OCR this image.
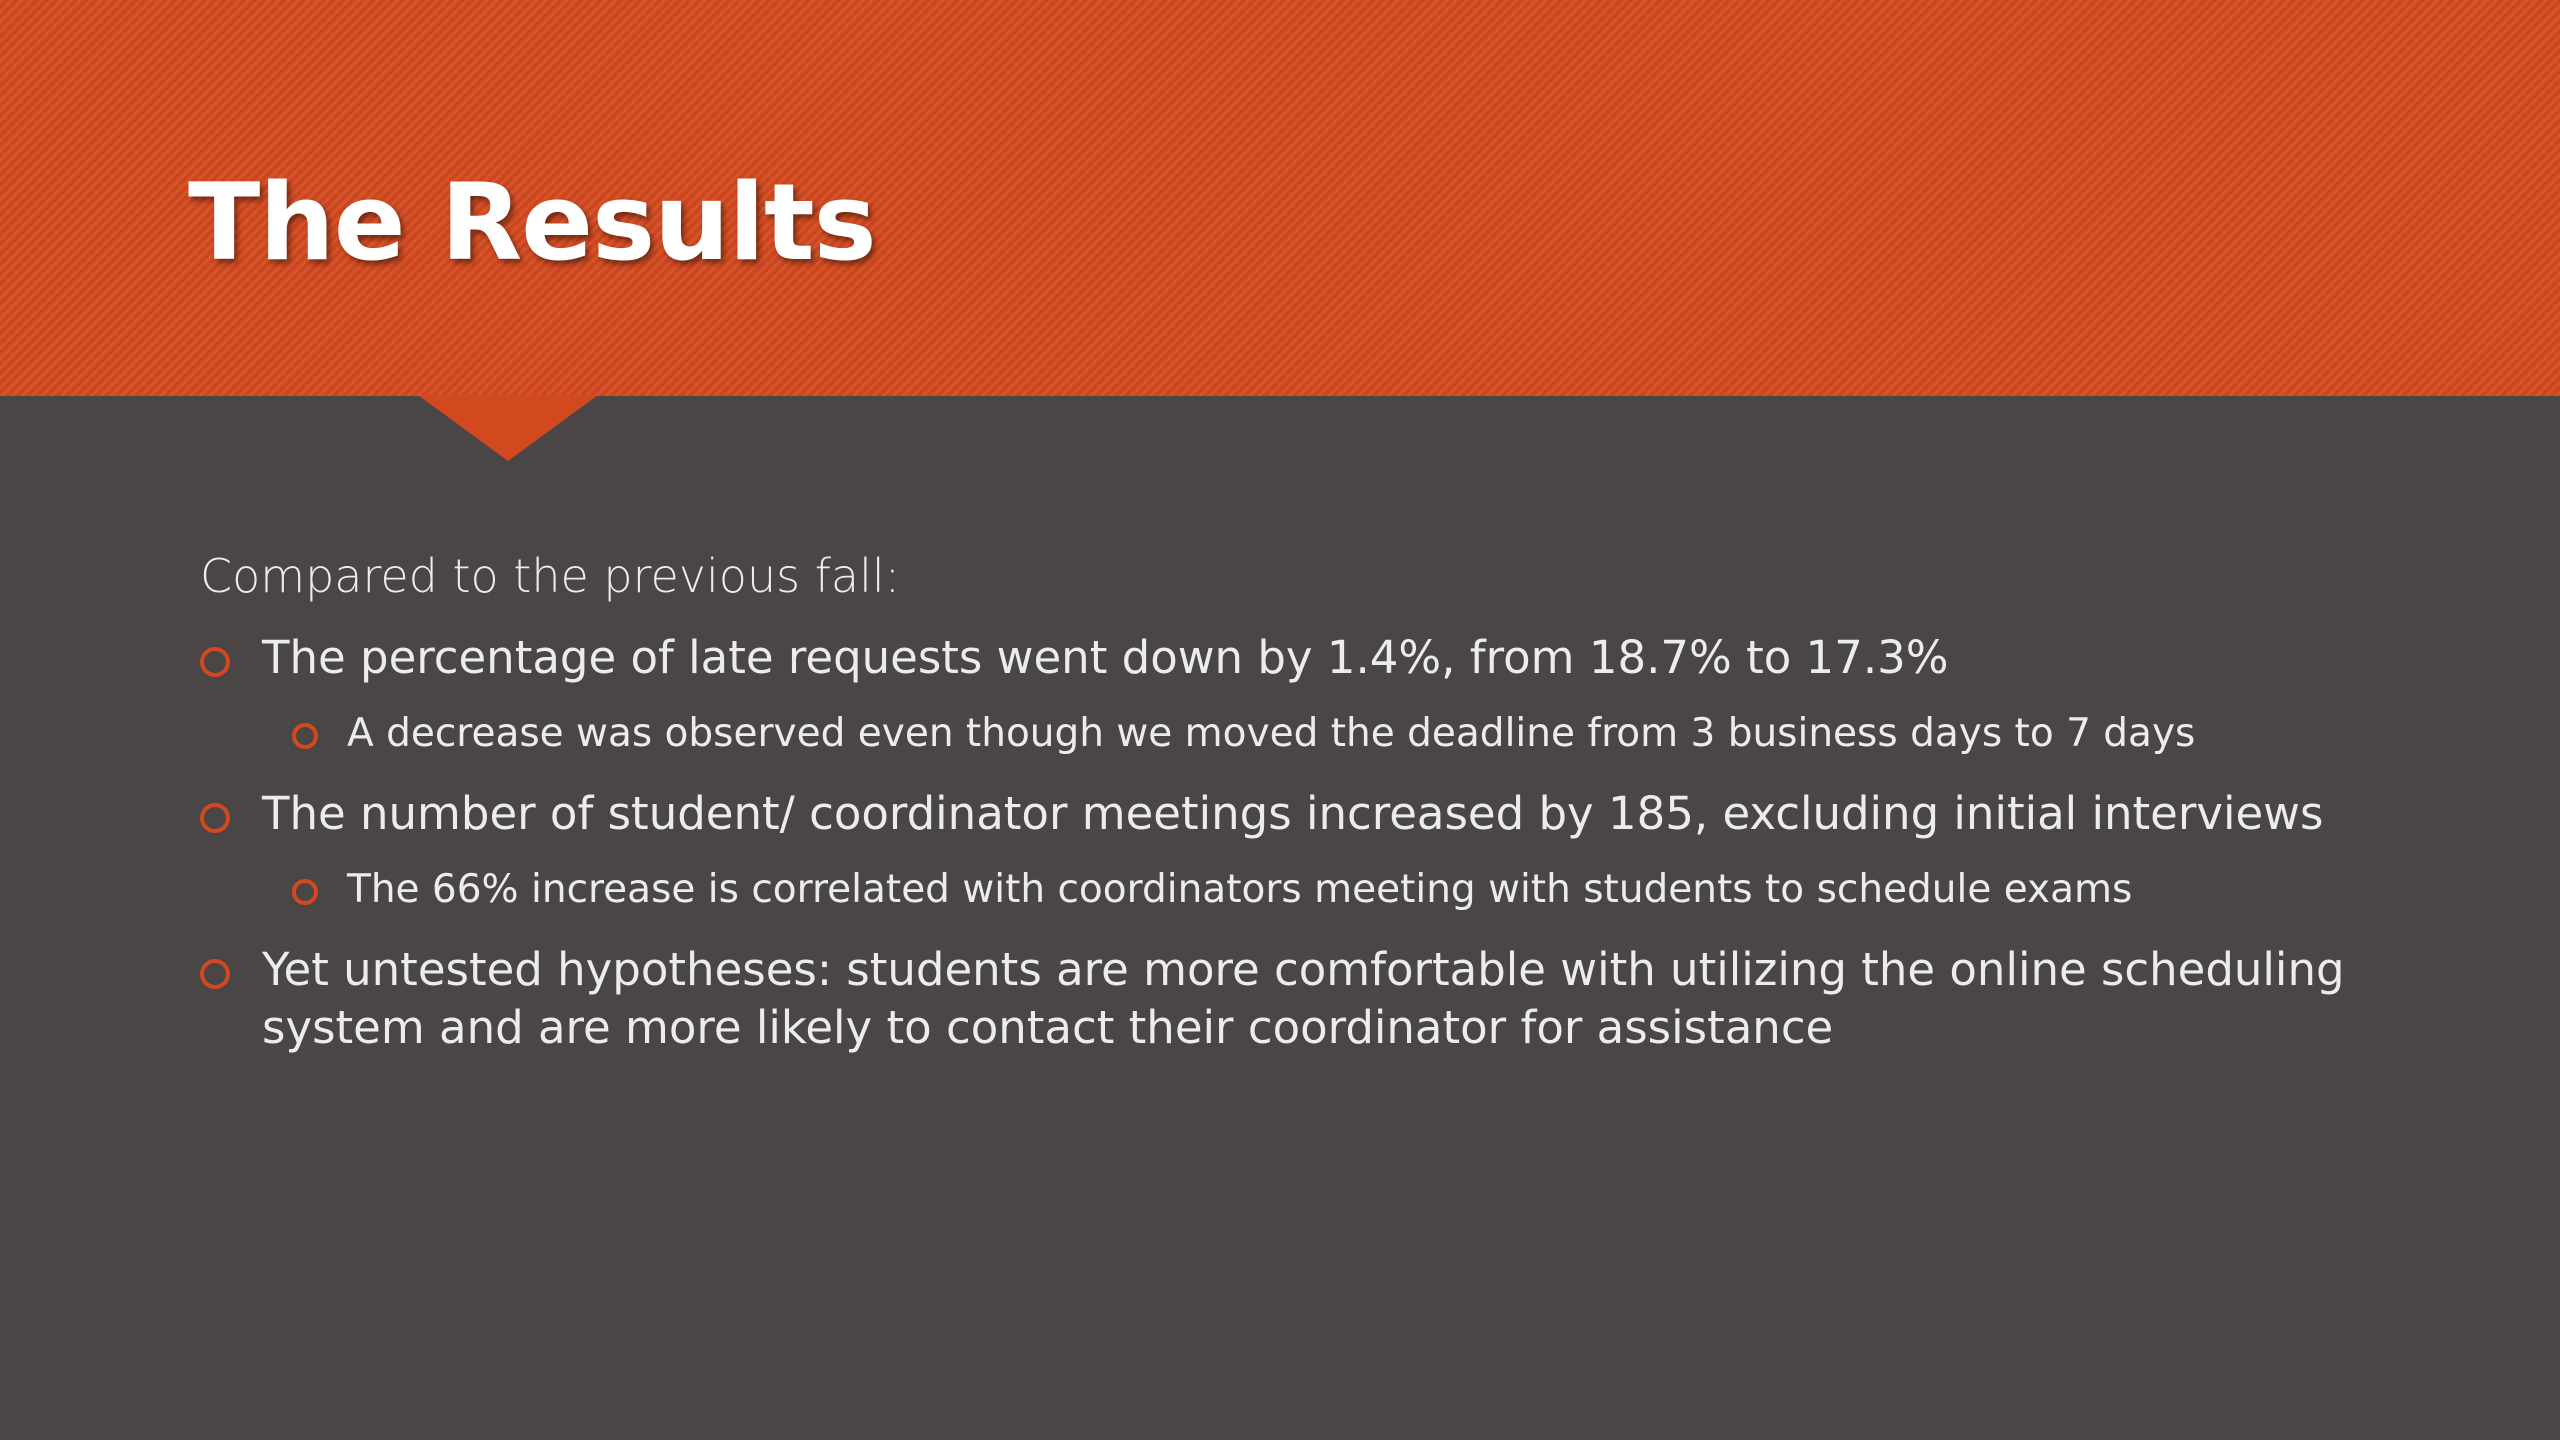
The Results

Compared to the previous fall:

The percentage of late requests went down by 1.4%, from 18.7% to 17.3%
A decrease was observed even though we moved the deadline from 3 business days to 7 days
The number of student/ coordinator meetings increased by 185, excluding initial interviews
The 66% increase is correlated with coordinators meeting with students to schedule exams
Yet untested hypotheses: students are more comfortable with utilizing the online scheduling system and are more likely to contact their coordinator for assistance
